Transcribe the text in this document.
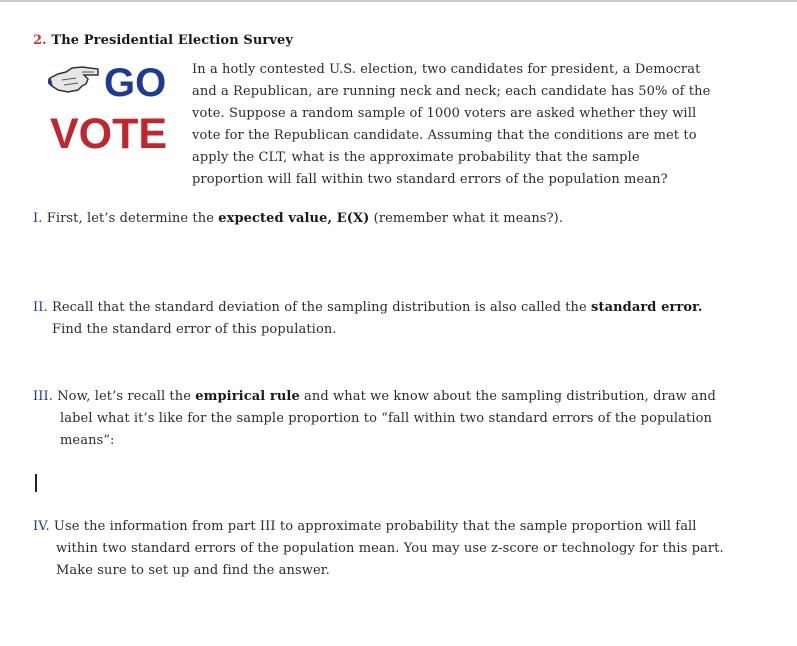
2. The Presidential Election Survey

GO
VOTE
In a hotly contested U.S. election, two candidates for president, a Democrat
and a Republican, are running neck and neck; each candidate has 50% of the
vote. Suppose a random sample of 1000 voters are asked whether they will
vote for the Republican candidate. Assuming that the conditions are met to
apply the CLT, what is the approximate probability that the sample
proportion will fall within two standard errors of the population mean?

I. First, let’s determine the expected value, E(X) (remember what it means?).

II. Recall that the standard deviation of the sampling distribution is also called the standard error.
Find the standard error of this population.
III. Now, let’s recall the empirical rule and what we know about the sampling distribution, draw and
label what it’s like for the sample proportion to “fall within two standard errors of the population
means”:
IV. Use the information from part III to approximate probability that the sample proportion will fall
within two standard errors of the population mean. You may use z-score or technology for this part.
Make sure to set up and find the answer.
